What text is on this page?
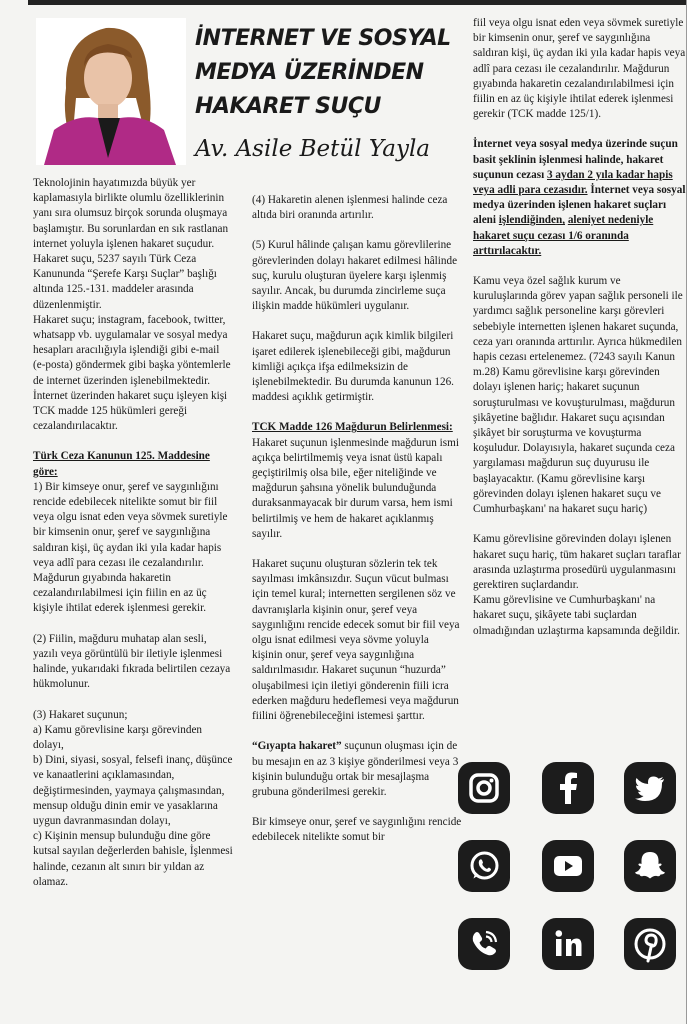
İNTERNET VE SOSYAL
MEDYA ÜZERİNDEN
HAKARET SUÇU
Av. Asile Betül Yayla

Teknolojinin hayatımızda büyük yer kaplamasıyla birlikte olumlu özelliklerinin yanı sıra olumsuz birçok sorunda oluşmaya başlamıştır. Bu sorunlardan en sık rastlanan internet yoluyla işlenen hakaret suçudur.

Hakaret suçu, 5237 sayılı Türk Ceza Kanununda “Şerefe Karşı Suçlar” başlığı altında 125.-131. maddeler arasında düzenlenmiştir.

Hakaret suçu; instagram, facebook, twitter, whatsapp vb. uygulamalar ve sosyal medya hesapları aracılığıyla işlendiği gibi e-mail (e-posta) göndermek gibi başka yöntemlerle de internet üzerinden işlenebilmektedir. İnternet üzerinden hakaret suçu işleyen kişi TCK madde 125 hükümleri gereği cezalandırılacaktır.

Türk Ceza Kanunun 125. Maddesine göre:

1) Bir kimseye onur, şeref ve saygınlığını rencide edebilecek nitelikte somut bir fiil veya olgu isnat eden veya sövmek suretiyle bir kimsenin onur, şeref ve saygınlığına saldıran kişi, üç aydan iki yıla kadar hapis veya adlî para cezası ile cezalandırılır. Mağdurun gıyabında hakaretin cezalandırılabilmesi için fiilin en az üç kişiyle ihtilat ederek işlenmesi gerekir.

(2) Fiilin, mağduru muhatap alan sesli, yazılı veya görüntülü bir iletiyle işlenmesi halinde, yukarıdaki fıkrada belirtilen cezaya hükmolunur.

(3) Hakaret suçunun;

a) Kamu görevlisine karşı görevinden dolayı,

b) Dini, siyasi, sosyal, felsefi inanç, düşünce ve kanaatlerini açıklamasından, değiştirmesinden, yaymaya çalışmasından, mensup olduğu dinin emir ve yasaklarına uygun davranmasından dolayı,

c) Kişinin mensup bulunduğu dine göre kutsal sayılan değerlerden bahisle, İşlenmesi halinde, cezanın alt sınırı bir yıldan az olamaz.

(4) Hakaretin alenen işlenmesi halinde ceza altıda biri oranında artırılır.

(5) Kurul hâlinde çalışan kamu görevlilerine görevlerinden dolayı hakaret edilmesi hâlinde suç, kurulu oluşturan üyelere karşı işlenmiş sayılır. Ancak, bu durumda zincirleme suça ilişkin madde hükümleri uygulanır.

Hakaret suçu, mağdurun açık kimlik bilgileri işaret edilerek işlenebileceği gibi, mağdurun kimliği açıkça ifşa edilmeksizin de işlenebilmektedir. Bu durumda kanunun 126. maddesi açıklık getirmiştir.

TCK Madde 126 Mağdurun Belirlenmesi:

Hakaret suçunun işlenmesinde mağdurun ismi açıkça belirtilmemiş veya isnat üstü kapalı geçiştirilmiş olsa bile, eğer niteliğinde ve mağdurun şahsına yönelik bulunduğunda duraksanmayacak bir durum varsa, hem ismi belirtilmiş ve hem de hakaret açıklanmış sayılır.

Hakaret suçunu oluşturan sözlerin tek tek sayılması imkânsızdır. Suçun vücut bulması için temel kural; internetten sergilenen söz ve davranışlarla kişinin onur, şeref veya saygınlığını rencide edecek somut bir fiil veya olgu isnat edilmesi veya sövme yoluyla kişinin onur, şeref veya saygınlığına saldırılmasıdır. Hakaret suçunun “huzurda” oluşabilmesi için iletiyi gönderenin fiili icra ederken mağduru hedeflemesi veya mağdurun fiilini öğrenebileceğini istemesi şarttır.

“Gıyapta hakaret” suçunun oluşması için de bu mesajın en az 3 kişiye gönderilmesi veya 3 kişinin bulunduğu ortak bir mesajlaşma grubuna gönderilmesi gerekir.

Bir kimseye onur, şeref ve saygınlığını rencide edebilecek nitelikte somut bir

fiil veya olgu isnat eden veya sövmek suretiyle bir kimsenin onur, şeref ve saygınlığına saldıran kişi, üç aydan iki yıla kadar hapis veya adlî para cezası ile cezalandırılır. Mağdurun gıyabında hakaretin cezalandırılabilmesi için fiilin en az üç kişiyle ihtilat ederek işlenmesi gerekir (TCK madde 125/1).

İnternet veya sosyal medya üzerinde suçun basit şeklinin işlenmesi halinde, hakaret suçunun cezası 3 aydan 2 yıla kadar hapis veya adli para cezasıdır. İnternet veya sosyal medya üzerinden işlenen hakaret suçları aleni işlendiğinden, aleniyet nedeniyle hakaret suçu cezası 1/6 oranında arttırılacaktır.

Kamu veya özel sağlık kurum ve kuruluşlarında görev yapan sağlık personeli ile yardımcı sağlık personeline karşı görevleri sebebiyle internetten işlenen hakaret suçunda, ceza yarı oranında arttırılır. Ayrıca hükmedilen hapis cezası ertelenemez. (7243 sayılı Kanun m.28) Kamu görevlisine karşı görevinden dolayı işlenen hariç; hakaret suçunun soruşturulması ve kovuşturulması, mağdurun şikâyetine bağlıdır. Hakaret suçu açısından şikâyet bir soruşturma ve kovuşturma koşuludur. Dolayısıyla, hakaret suçunda ceza yargılaması mağdurun suç duyurusu ile başlayacaktır. (Kamu görevlisine karşı görevinden dolayı işlenen hakaret suçu ve Cumhurbaşkanı' na hakaret suçu hariç)

Kamu görevlisine görevinden dolayı işlenen hakaret suçu hariç, tüm hakaret suçları taraflar arasında uzlaştırma prosedürü uygulanmasını gerektiren suçlardandır.

Kamu görevlisine ve Cumhurbaşkanı' na hakaret suçu, şikâyete tabi suçlardan olmadığından uzlaştırma kapsamında değildir.
